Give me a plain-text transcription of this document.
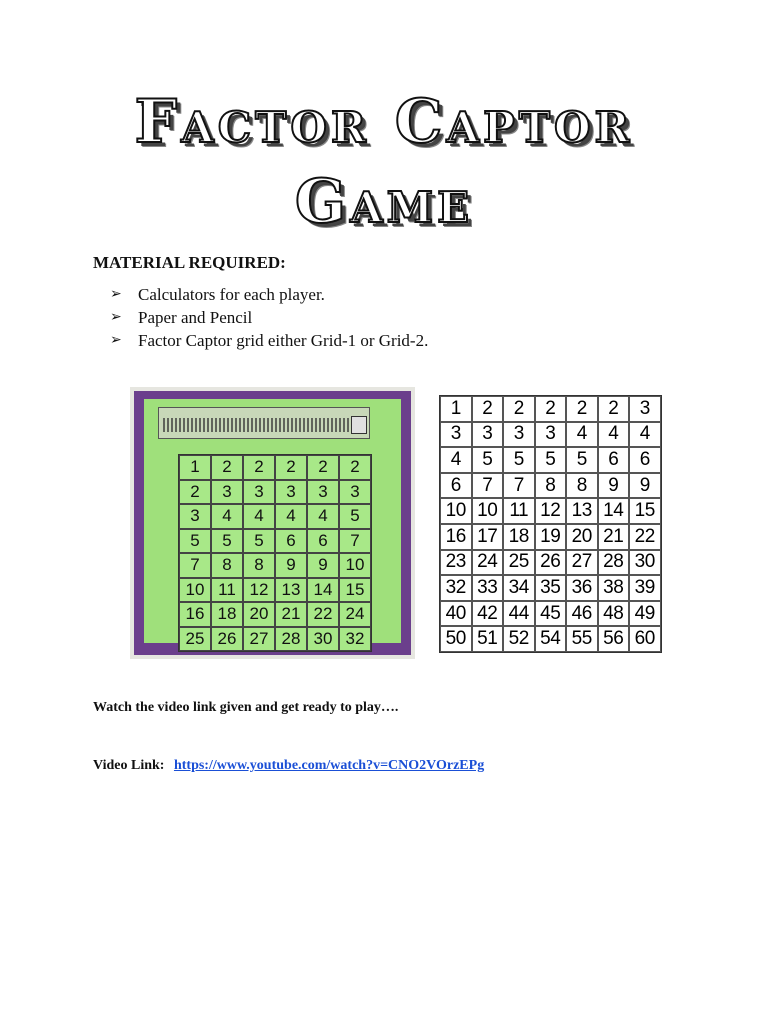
Factor Captor
Game
MATERIAL REQUIRED:
➢ Calculators for each player.
➢ Paper and Pencil
➢ Factor Captor grid either Grid-1 or Grid-2.
1	2	2	2	2	2
2	3	3	3	3	3
3	4	4	4	4	5
5	5	5	6	6	7
7	8	8	9	9	10
10 11 12 13 14 15
16 18 20 21 22 24
25 26 27 28 30 32
1	2	2	2	2	2	3
3	3	3	3	4	4	4
4	5	5	5	5	6	6
6	7	7	8	8	9	9
10 10 11 12 13 14 15
16 17 18 19 20 21 22
23 24 25 26 27 28 30
32 33 34 35 36 38 39
40 42 44 45 46 48 49
50 51 52 54 55 56 60
Watch the video link given and get ready to play….
Video Link: https://www.youtube.com/watch?v=CNO2VOrzEPg
